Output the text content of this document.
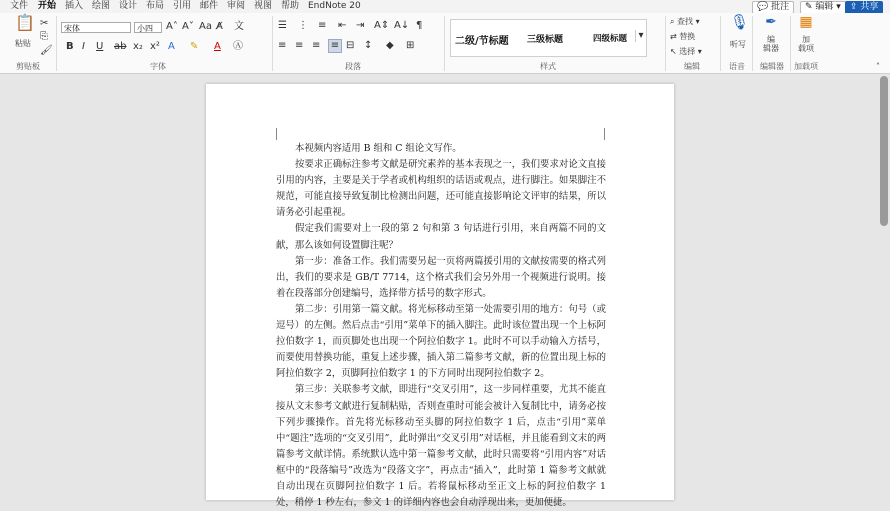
文件 开始 插入 绘图 设计 布局 引用 邮件 审阅 视图 帮助 EndNote 20	💬 批注	✎ 编辑 ▾	⇪ 共享
📋
粘贴
✂
⎘
🖌
剪贴板
宋体	小四	A˄ A˅ Aa A̸ 文
B I U ab x₂ x² A ✎ A Ⓐ
字体
☰ ⋮ ≡ ⇤ ⇥ A⇕ A↓ ¶
≡ ≡ ≡ ≡ ⊟ ↕ ◆ ⊞
段落
二级/节标题 三级标题	四级标题	▾
样式
⌕ 查找 ▾
⇄ 替换
↖ 选择 ▾
编辑
🎙
听写
语音
✒
编
辑器
编辑器
▦
加
载项
加载项	˄

本视频内容适用 B 组和 C 组论文写作。

按要求正确标注参考文献是研究素养的基本表现之一，我们要求对论文直接引用的内容，主要是关于学者或机构组织的话语或观点，进行脚注。如果脚注不规范，可能直接导致复制比检测出问题，还可能直接影响论文评审的结果，所以请务必引起重视。

假定我们需要对上一段的第 2 句和第 3 句话进行引用，来自两篇不同的文献，那么该如何设置脚注呢？

第一步：准备工作。我们需要另起一页将两篇援引用的文献按需要的格式列出，我们的要求是 GB/T 7714，这个格式我们会另外用一个视频进行说明。接着在段落部分创建编号，选择带方括号的数字形式。

第二步：引用第一篇文献。将光标移动至第一处需要引用的地方：句号（或逗号）的左侧。然后点击“引用”菜单下的插入脚注。此时该位置出现一个上标阿拉伯数字 1，而页脚处也出现一个阿拉伯数字 1。此时不可以手动输入方括号，而要使用替换功能，重复上述步骤，插入第二篇参考文献，新的位置出现上标的阿拉伯数字 2，页脚阿拉伯数字 1 的下方同时出现阿拉伯数字 2。

第三步：关联参考文献，即进行“交叉引用”，这一步同样重要，尤其不能直接从文末参考文献进行复制粘贴，否则查重时可能会被计入复制比中，请务必按下列步骤操作。首先将光标移动至头脚的阿拉伯数字 1 后，点击“引用”菜单中“题注”选项的“交叉引用”，此时弹出“交叉引用”对话框，并且能看到文末的两篇参考文献详情。系统默认选中第一篇参考文献，此时只需要将“引用内容”对话框中的“段落编号”改选为“段落文字”，再点击“插入”，此时第 1 篇参考文献就自动出现在页脚阿拉伯数字 1 后。若将鼠标移动至正文上标的阿拉伯数字 1 处，稍停 1 秒左右，参文 1 的详细内容也会自动浮现出来，更加便捷。
